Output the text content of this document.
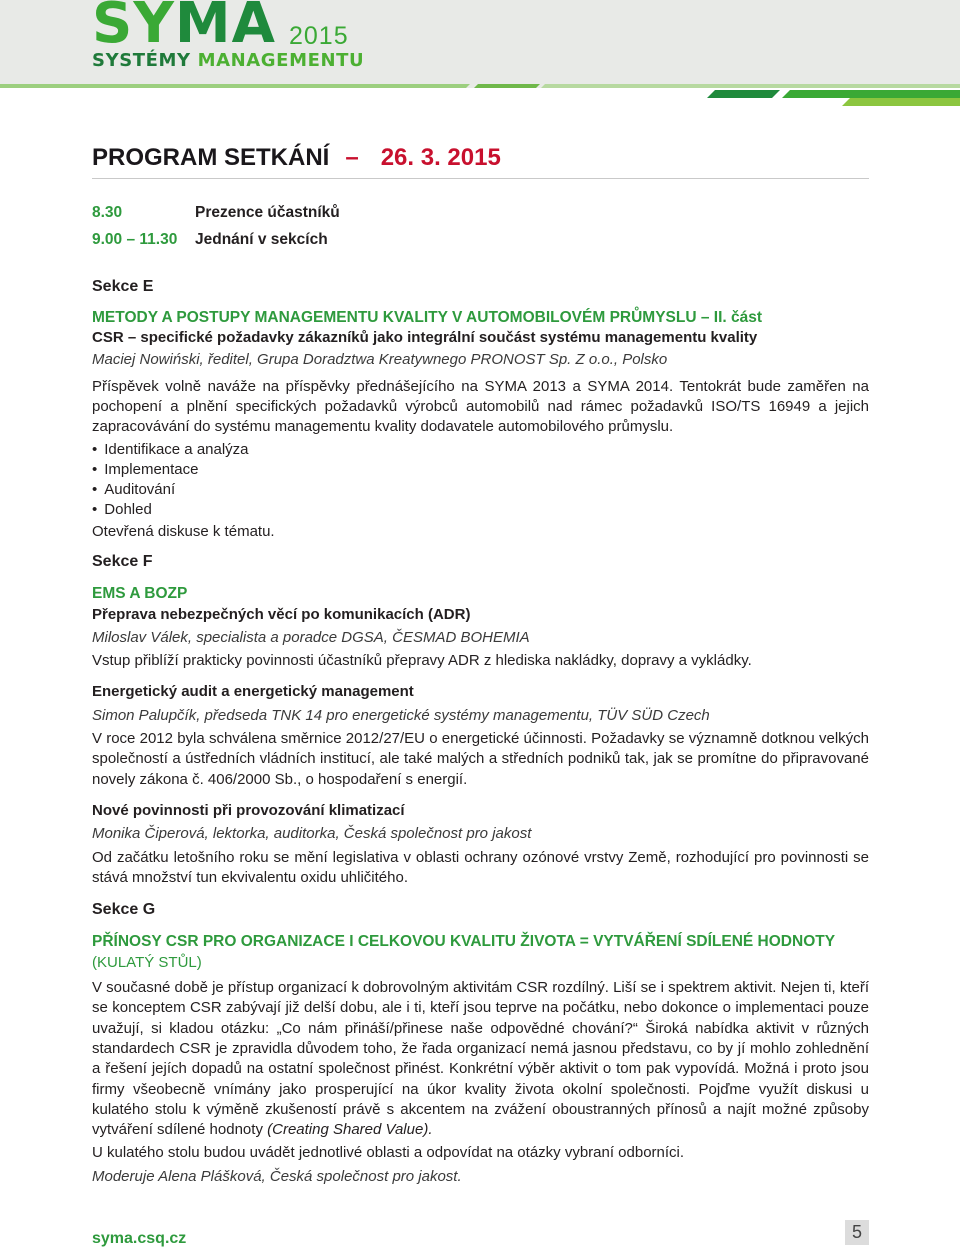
SYMA 2015
SYSTÉMY MANAGEMENTU
PROGRAM SETKÁNÍ – 26. 3. 2015
8.30	Prezence účastníků
9.00 – 11.30	Jednání v sekcích
Sekce E
METODY A POSTUPY MANAGEMENTU KVALITY V AUTOMOBILOVÉM PRŮMYSLU – II. část
CSR – specifické požadavky zákazníků jako integrální součást systému managementu kvality
Maciej Nowiński, ředitel, Grupa Doradztwa Kreatywnego PRONOST Sp. Z o.o., Polsko
Příspěvek volně naváže na příspěvky přednášejícího na SYMA 2013 a SYMA 2014. Tentokrát bude zaměřen na pochopení a plnění specifických požadavků výrobců automobilů nad rámec požadavků ISO/TS 16949 a jejich zapracovávání do systému managementu kvality dodavatele automobilového průmyslu.
• Identifikace a analýza
• Implementace
• Auditování
• Dohled
Otevřená diskuse k tématu.
Sekce F
EMS A BOZP
Přeprava nebezpečných věcí po komunikacích (ADR)
Miloslav Válek, specialista a poradce DGSA, ČESMAD BOHEMIA
Vstup přiblíží prakticky povinnosti účastníků přepravy ADR z hlediska nakládky, dopravy a vykládky.
Energetický audit a energetický management
Simon Palupčík, předseda TNK 14 pro energetické systémy managementu, TÜV SÜD Czech
V roce 2012 byla schválena směrnice 2012/27/EU o energetické účinnosti. Požadavky se významně dotknou velkých společností a ústředních vládních institucí, ale také malých a středních podniků tak, jak se promítne do připravované novely zákona č. 406/2000 Sb., o hospodaření s energií.
Nové povinnosti při provozování klimatizací
Monika Čiperová, lektorka, auditorka, Česká společnost pro jakost
Od začátku letošního roku se mění legislativa v oblasti ochrany ozónové vrstvy Země, rozhodující pro povinnosti se stává množství tun ekvivalentu oxidu uhličitého.
Sekce G
PŘÍNOSY CSR PRO ORGANIZACE I CELKOVOU KVALITU ŽIVOTA = VYTVÁŘENÍ SDÍLENÉ HODNOTY
(KULATÝ STŮL)
V současné době je přístup organizací k dobrovolným aktivitám CSR rozdílný. Liší se i spektrem aktivit. Nejen ti, kteří se konceptem CSR zabývají již delší dobu, ale i ti, kteří jsou teprve na počátku, nebo dokonce o implementaci pouze uvažují, si kladou otázku: „Co nám přináší/přinese naše odpovědné chování?“ Široká nabídka aktivit v různých standardech CSR je zpravidla důvodem toho, že řada organizací nemá jasnou představu, co by jí mohlo zohlednění a řešení jejích dopadů na ostatní společnost přinést. Konkrétní výběr aktivit o tom pak vypovídá. Možná i proto jsou firmy všeobecně vnímány jako prosperující na úkor kvality života okolní společnosti. Pojďme využít diskusi u kulatého stolu k výměně zkušeností právě s akcentem na zvážení oboustranných přínosů a najít možné způsoby vytváření sdílené hodnoty (Creating Shared Value).
U kulatého stolu budou uvádět jednotlivé oblasti a odpovídat na otázky vybraní odborníci.
Moderuje Alena Plášková, Česká společnost pro jakost.
syma.csq.cz	5
